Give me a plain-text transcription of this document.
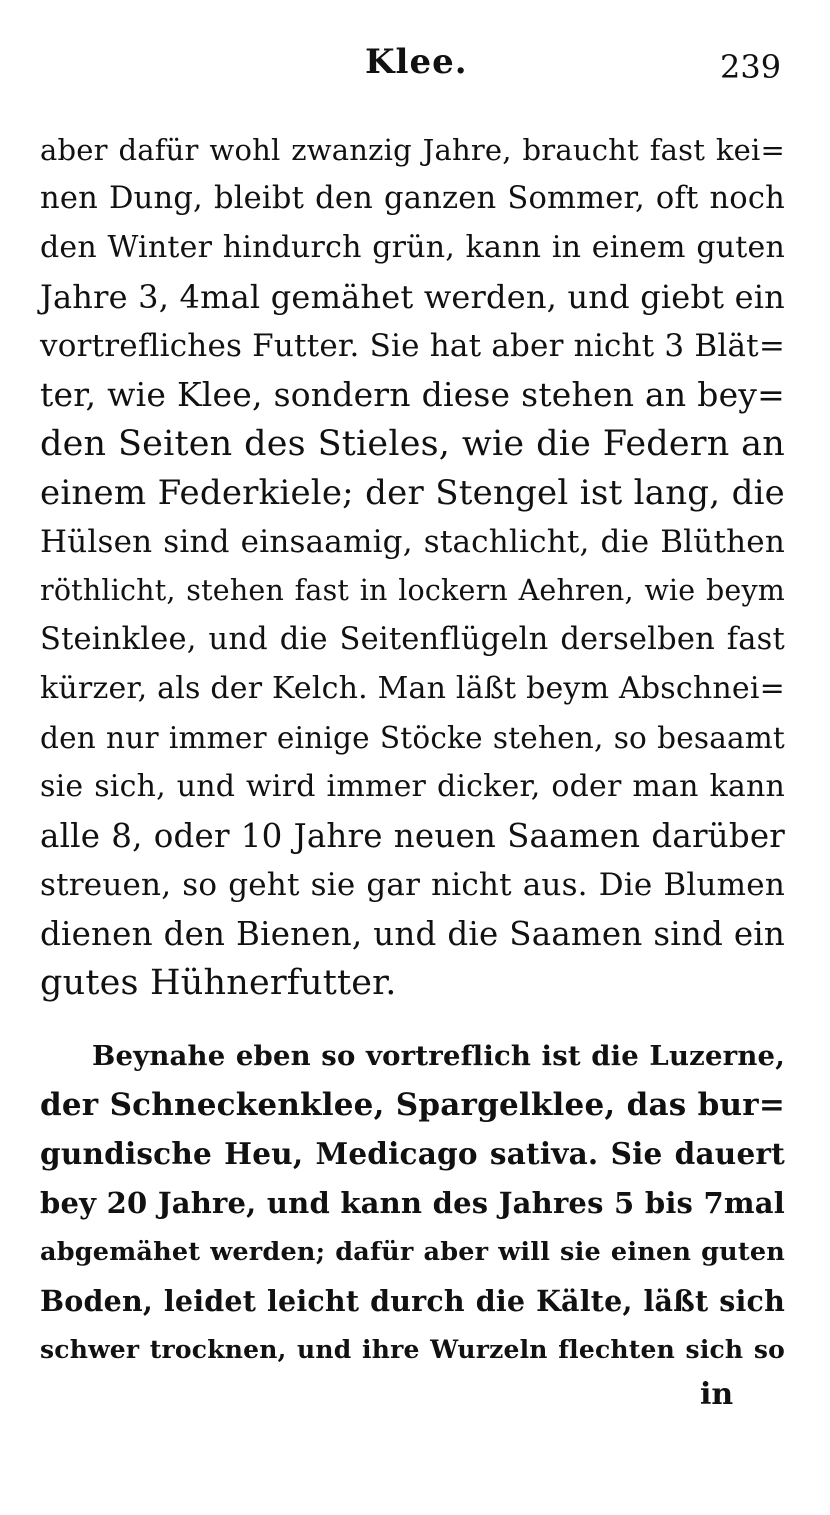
Klee.	239
aber dafür wohl zwanzig Jahre, braucht fast kei=
nen Dung, bleibt den ganzen Sommer, oft noch
den Winter hindurch grün, kann in einem guten
Jahre 3, 4mal gemähet werden, und giebt ein
vortrefliches Futter. Sie hat aber nicht 3 Blät=
ter, wie Klee, sondern diese stehen an bey=
den Seiten des Stieles, wie die Federn an
einem Federkiele; der Stengel ist lang, die
Hülsen sind einsaamig, stachlicht, die Blüthen
röthlicht, stehen fast in lockern Aehren, wie beym
Steinklee, und die Seitenflügeln derselben fast
kürzer, als der Kelch. Man läßt beym Abschnei=
den nur immer einige Stöcke stehen, so besaamt
sie sich, und wird immer dicker, oder man kann
alle 8, oder 10 Jahre neuen Saamen darüber
streuen, so geht sie gar nicht aus. Die Blumen
dienen den Bienen, und die Saamen sind ein
gutes Hühnerfutter.
Beynahe eben so vortreflich ist die Luzerne,
der Schneckenklee, Spargelklee, das bur=
gundische Heu, Medicago sativa. Sie dauert
bey 20 Jahre, und kann des Jahres 5 bis 7mal
abgemähet werden; dafür aber will sie einen guten
Boden, leidet leicht durch die Kälte, läßt sich
schwer trocknen, und ihre Wurzeln flechten sich so
in
